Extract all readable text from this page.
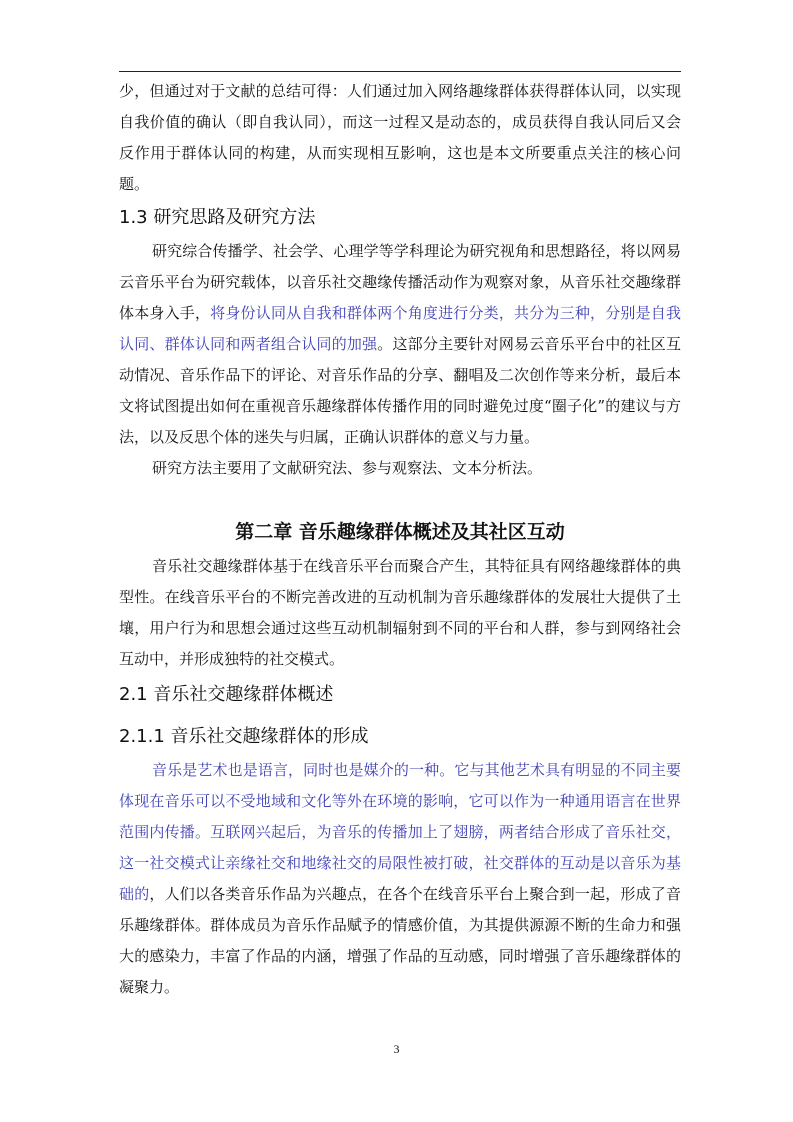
少，但通过对于文献的总结可得：人们通过加入网络趣缘群体获得群体认同，以实现自我价值的确认（即自我认同），而这一过程又是动态的，成员获得自我认同后又会反作用于群体认同的构建，从而实现相互影响，这也是本文所要重点关注的核心问题。

1.3 研究思路及研究方法

研究综合传播学、社会学、心理学等学科理论为研究视角和思想路径，将以网易云音乐平台为研究载体，以音乐社交趣缘传播活动作为观察对象，从音乐社交趣缘群体本身入手，将身份认同从自我和群体两个角度进行分类，共分为三种，分别是自我认同、群体认同和两者组合认同的加强。这部分主要针对网易云音乐平台中的社区互动情况、音乐作品下的评论、对音乐作品的分享、翻唱及二次创作等来分析，最后本文将试图提出如何在重视音乐趣缘群体传播作用的同时避免过度“圈子化”的建议与方法，以及反思个体的迷失与归属，正确认识群体的意义与力量。

研究方法主要用了文献研究法、参与观察法、文本分析法。

第二章 音乐趣缘群体概述及其社区互动

音乐社交趣缘群体基于在线音乐平台而聚合产生，其特征具有网络趣缘群体的典型性。在线音乐平台的不断完善改进的互动机制为音乐趣缘群体的发展壮大提供了土壤，用户行为和思想会通过这些互动机制辐射到不同的平台和人群，参与到网络社会互动中，并形成独特的社交模式。

2.1 音乐社交趣缘群体概述
2.1.1 音乐社交趣缘群体的形成

音乐是艺术也是语言，同时也是媒介的一种。它与其他艺术具有明显的不同主要体现在音乐可以不受地域和文化等外在环境的影响，它可以作为一种通用语言在世界范围内传播。互联网兴起后，为音乐的传播加上了翅膀，两者结合形成了音乐社交，这一社交模式让亲缘社交和地缘社交的局限性被打破，社交群体的互动是以音乐为基础的，人们以各类音乐作品为兴趣点，在各个在线音乐平台上聚合到一起，形成了音乐趣缘群体。群体成员为音乐作品赋予的情感价值，为其提供源源不断的生命力和强大的感染力，丰富了作品的内涵，增强了作品的互动感，同时增强了音乐趣缘群体的凝聚力。

3
